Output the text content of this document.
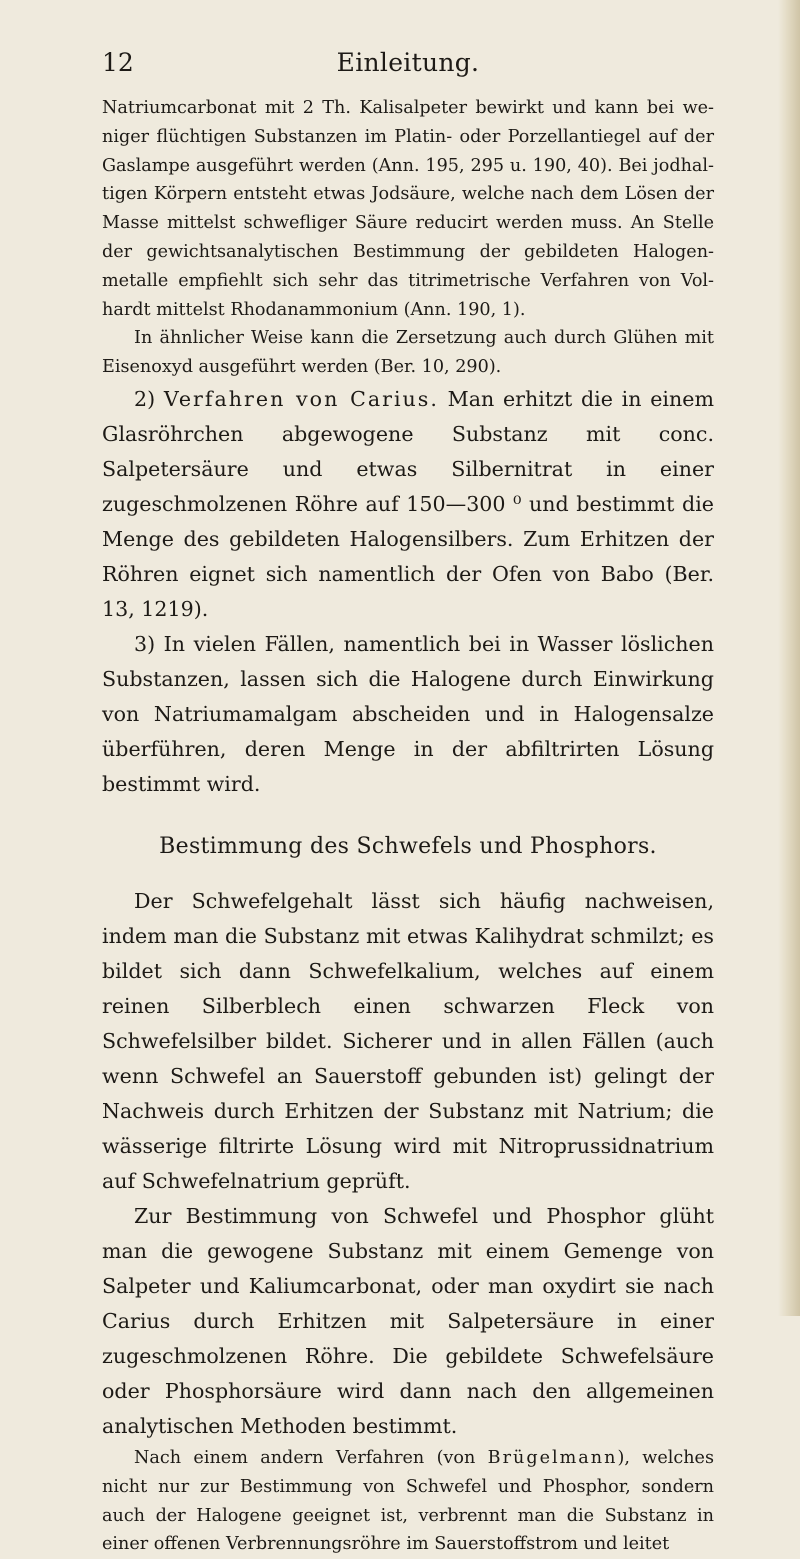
12	Einleitung.

Natriumcarbonat mit 2 Th. Kalisalpeter bewirkt und kann bei weniger flüchtigen Substanzen im Platin- oder Porzellantiegel auf der Gaslampe ausgeführt werden (Ann. 195, 295 u. 190, 40). Bei jodhaltigen Körpern entsteht etwas Jodsäure, welche nach dem Lösen der Masse mittelst schwefliger Säure reducirt werden muss. An Stelle der gewichtsanalytischen Bestimmung der gebildeten Halogenmetalle empfiehlt sich sehr das titrimetrische Verfahren von Volhardt mittelst Rhodanammonium (Ann. 190, 1).

In ähnlicher Weise kann die Zersetzung auch durch Glühen mit Eisenoxyd ausgeführt werden (Ber. 10, 290).

2) Verfahren von Carius. Man erhitzt die in einem Glasröhrchen abgewogene Substanz mit conc. Salpetersäure und etwas Silbernitrat in einer zugeschmolzenen Röhre auf 150—300 ⁰ und bestimmt die Menge des gebildeten Halogensilbers. Zum Erhitzen der Röhren eignet sich namentlich der Ofen von Babo (Ber. 13, 1219).

3) In vielen Fällen, namentlich bei in Wasser löslichen Substanzen, lassen sich die Halogene durch Einwirkung von Natriumamalgam abscheiden und in Halogensalze überführen, deren Menge in der abfiltrirten Lösung bestimmt wird.

Bestimmung des Schwefels und Phosphors.

Der Schwefelgehalt lässt sich häufig nachweisen, indem man die Substanz mit etwas Kalihydrat schmilzt; es bildet sich dann Schwefelkalium, welches auf einem reinen Silberblech einen schwarzen Fleck von Schwefelsilber bildet. Sicherer und in allen Fällen (auch wenn Schwefel an Sauerstoff gebunden ist) gelingt der Nachweis durch Erhitzen der Substanz mit Natrium; die wässerige filtrirte Lösung wird mit Nitroprussidnatrium auf Schwefelnatrium geprüft.

Zur Bestimmung von Schwefel und Phosphor glüht man die gewogene Substanz mit einem Gemenge von Salpeter und Kaliumcarbonat, oder man oxydirt sie nach Carius durch Erhitzen mit Salpetersäure in einer zugeschmolzenen Röhre. Die gebildete Schwefelsäure oder Phosphorsäure wird dann nach den allgemeinen analytischen Methoden bestimmt.

Nach einem andern Verfahren (von Brügelmann), welches nicht nur zur Bestimmung von Schwefel und Phosphor, sondern auch der Halogene geeignet ist, verbrennt man die Substanz in einer offenen Verbrennungsröhre im Sauerstoffstrom und leitet
